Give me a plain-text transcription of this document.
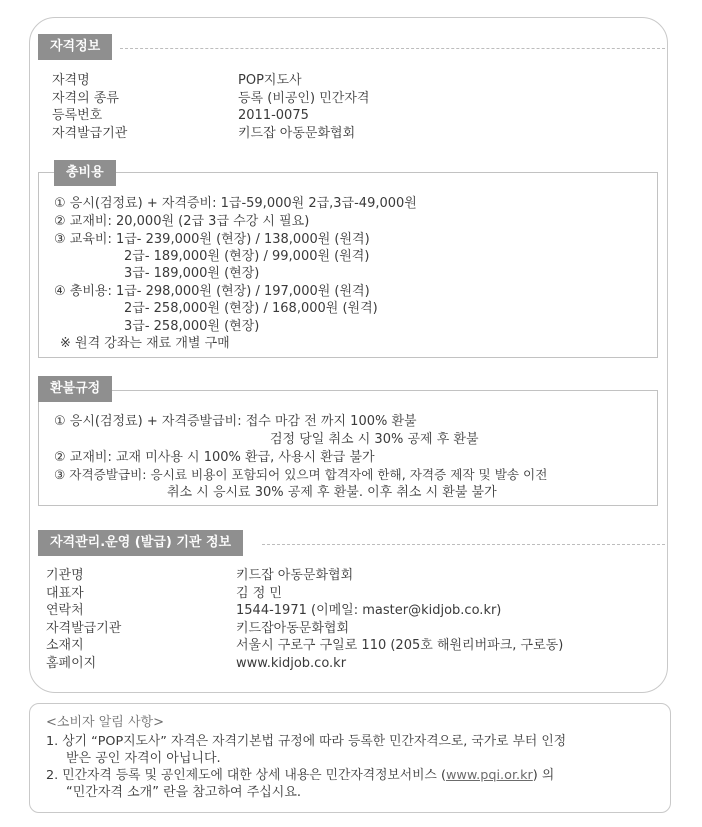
자격정보
자격명
자격의 종류
등록번호
자격발급기관
POP지도사
등록 (비공인) 민간자격
2011-0075
키드잡 아동문화협회
총비용
① 응시(검정료) + 자격증비: 1급-59,000원 2급,3급-49,000원
② 교재비: 20,000원 (2급 3급 수강 시 필요)
③ 교육비: 1급- 239,000원 (현장) / 138,000원 (원격)
2급- 189,000원 (현장) / 99,000원 (원격)
3급- 189,000원 (현장)
④ 총비용: 1급- 298,000원 (현장) / 197,000원 (원격)
2급- 258,000원 (현장) / 168,000원 (원격)
3급- 258,000원 (현장)
※ 원격 강좌는 재료 개별 구매
환불규정
① 응시(검정료) + 자격증발급비: 접수 마감 전 까지 100% 환불
검정 당일 취소 시 30% 공제 후 환불
② 교재비: 교재 미사용 시 100% 환급, 사용시 환급 불가
③ 자격증발급비: 응시료 비용이 포함되어 있으며 합격자에 한해, 자격증 제작 및 발송 이전
취소 시 응시료 30% 공제 후 환불. 이후 취소 시 환불 불가
자격관리.운영 (발급) 기관 정보
기관명
대표자
연락처
자격발급기관
소재지
홈페이지
키드잡 아동문화협회
김 정 민
1544-1971 (이메일: master@kidjob.co.kr)
키드잡아동문화협회
서울시 구로구 구일로 110 (205호 해원리버파크, 구로동)
www.kidjob.co.kr
<소비자 알림 사항>
1. 상기 “POP지도사” 자격은 자격기본법 규정에 따라 등록한 민간자격으로, 국가로 부터 인정
받은 공인 자격이 아닙니다.
2. 민간자격 등록 및 공인제도에 대한 상세 내용은 민간자격정보서비스 (www.pqi.or.kr) 의
“민간자격 소개” 란을 참고하여 주십시요.
